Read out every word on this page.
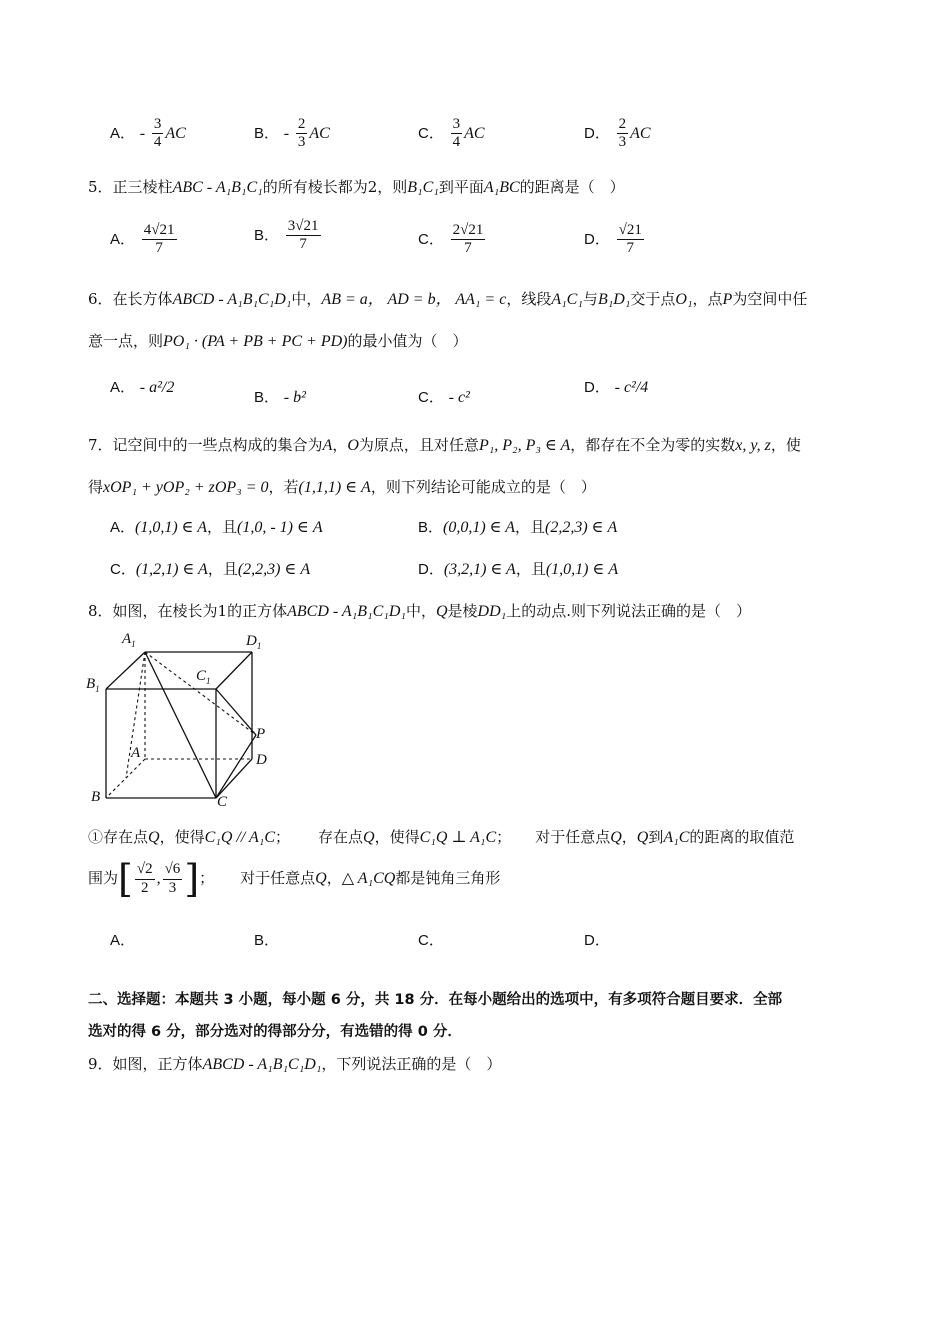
A． - $\frac{3}{4}$ AC	B． - $\frac{2}{3}$ AC	C． $\frac{3}{4}$ AC	D． $\frac{2}{3}$ AC
5．正三棱柱ABC - A₁B₁C₁的所有棱长都为2，则B₁C₁到平面A₁BC的距离是（　）
A． $\frac{4√21}{7}$	B． $\frac{3√21}{7}$	C． $\frac{2√21}{7}$	D． $\frac{√21}{7}$
6．在长方体ABCD - A₁B₁C₁D₁中，AB = a， AD = b， AA₁ = c，线段A₁C₁与B₁D₁交于点O₁，点P为空间中任
意一点，则PO₁ · (PA + PB + PC + PD)的最小值为（　）
A． - a²/2
B． - b²	C． - c²
D． - c²/4
7．记空间中的一些点构成的集合为A，O为原点，且对任意P₁, P₂, P₃ ∈ A，都存在不全为零的实数x, y, z，使
得xOP₁ + yOP₂ + zOP₃ = 0，若(1,1,1) ∈ A，则下列结论可能成立的是（　）
A．(1,0,1) ∈ A，且(1,0, - 1) ∈ A	B．(0,0,1) ∈ A，且(2,2,3) ∈ A
C．(1,2,1) ∈ A，且(2,2,3) ∈ A	D．(3,2,1) ∈ A，且(1,0,1) ∈ A
8．如图，在棱长为1的正方体ABCD - A₁B₁C₁D₁中，Q是棱DD₁上的动点.则下列说法正确的是（　）
$A_1$	$D_1$
$B_1$
$C_1$
A	D
P
B	C
①存在点Q，使得C₁Q // A₁C； 存在点Q，使得C₁Q ⊥ A₁C； 对于任意点Q，Q到A₁C的距离的取值范
围为[ $\frac{√2}{2}$ , $\frac{√6}{3}$ ]； 对于任意点Q，△ A₁CQ都是钝角三角形
A．	B．	C．	D．
二、选择题：本题共 3 小题，每小题 6 分，共 18 分．在每小题给出的选项中，有多项符合题目要求．全部
选对的得 6 分，部分选对的得部分分，有选错的得 0 分．
9．如图，正方体ABCD - A₁B₁C₁D₁，下列说法正确的是（　）
